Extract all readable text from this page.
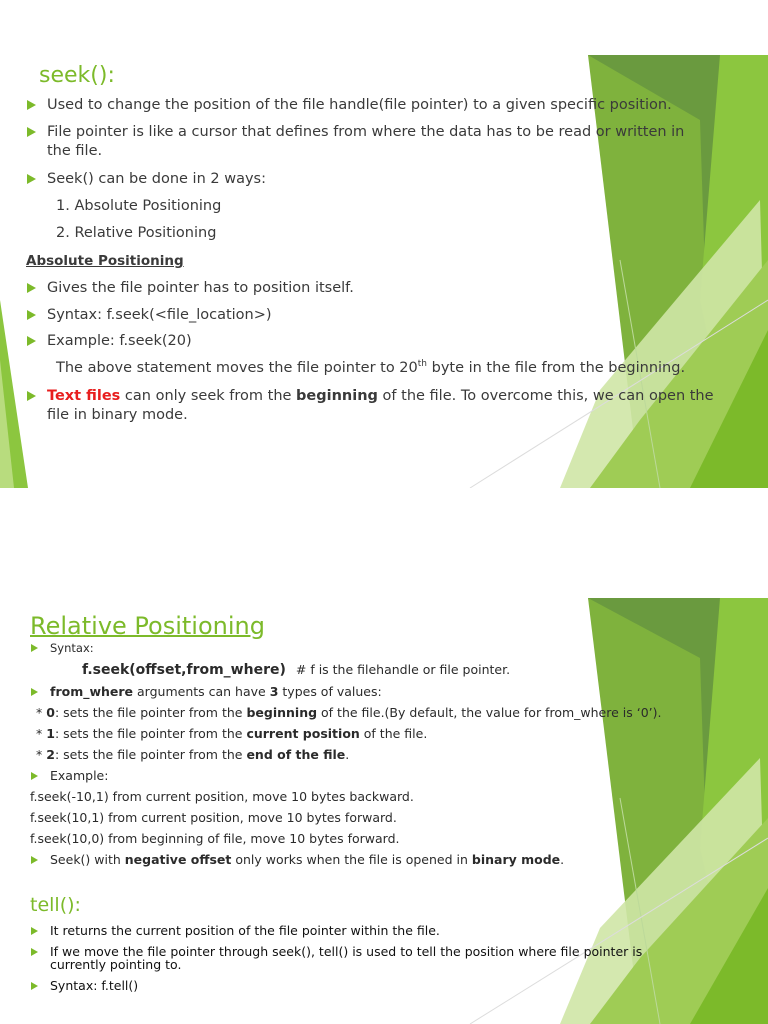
seek():
Used to change the position of the file handle(file pointer) to a given specific position.
File pointer is like a cursor that defines from where the data has to be read or written in
the file.
Seek() can be done in 2 ways:
1. Absolute Positioning
2. Relative Positioning
Absolute Positioning
Gives the file pointer has to position itself.
Syntax: f.seek(<file_location>)
Example: f.seek(20)
The above statement moves the file pointer to 20th byte in the file from the beginning.
Text files can only seek from the beginning of the file. To overcome this, we can open the
file in binary mode.
Relative Positioning
Syntax:
f.seek(offset,from_where) # f is the filehandle or file pointer.
from_where arguments can have 3 types of values:
* 0: sets the file pointer from the beginning of the file.(By default, the value for from_where is ‘0’).
* 1: sets the file pointer from the current position of the file.
* 2: sets the file pointer from the end of the file.
Example:
f.seek(-10,1) from current position, move 10 bytes backward.
f.seek(10,1) from current position, move 10 bytes forward.
f.seek(10,0) from beginning of file, move 10 bytes forward.
Seek() with negative offset only works when the file is opened in binary mode.
tell():
It returns the current position of the file pointer within the file.
If we move the file pointer through seek(), tell() is used to tell the position where file pointer is
currently pointing to.
Syntax: f.tell()
